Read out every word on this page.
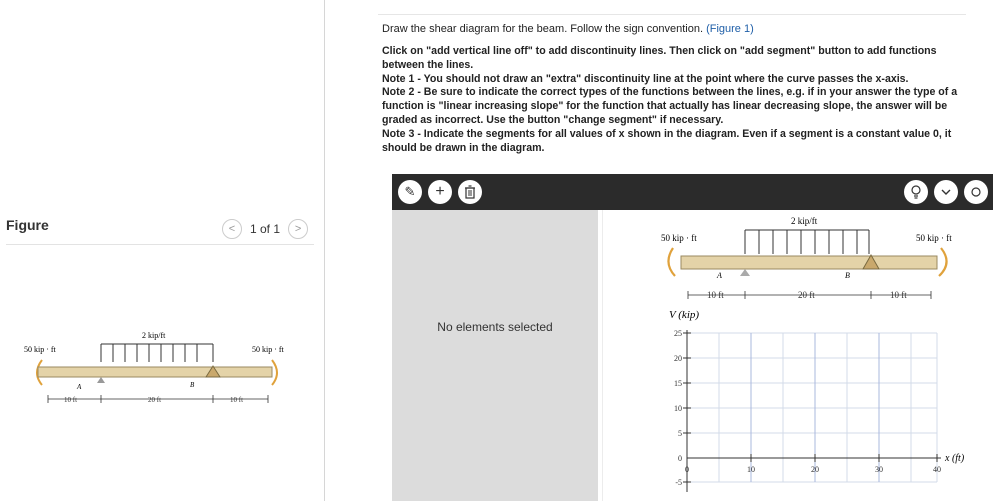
Figure	<	1 of 1	>
50 kip · ft	50 kip · ft
2 kip/ft
A	B
10 ft	20 ft	10 ft
Draw the shear diagram for the beam. Follow the sign convention. (Figure 1)
Click on "add vertical line off" to add discontinuity lines. Then click on "add segment" button to add functions between the lines.
Note 1 - You should not draw an "extra" discontinuity line at the point where the curve passes the x-axis.
Note 2 - Be sure to indicate the correct types of the functions between the lines, e.g. if in your answer the type of a function is "linear increasing slope" for the function that actually has linear decreasing slope, the answer will be graded as incorrect. Use the button "change segment" if necessary.
Note 3 - Indicate the segments for all values of x shown in the diagram. Even if a segment is a constant value 0, it should be drawn in the diagram.
✎ +
No elements selected
50 kip · ft	50 kip · ft
2 kip/ft
A	B
10 ft	20 ft	10 ft
V (kip)
25
20
15
10
5
0
-5
0	10	20	30	40
x (ft)
